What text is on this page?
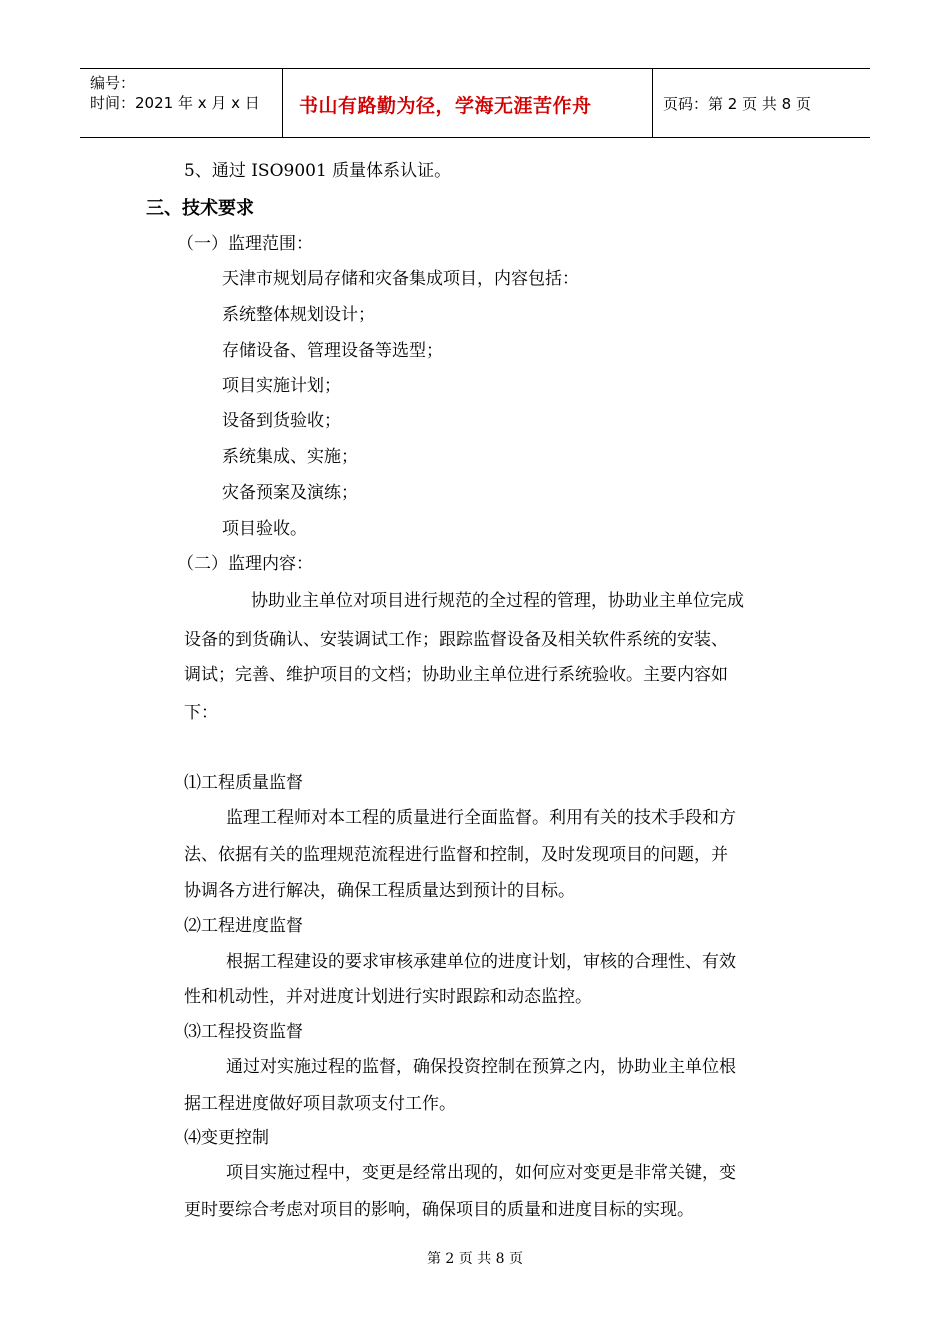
编号：
时间：2021 年 x 月 x 日 书山有路勤为径，学海无涯苦作舟	页码：第 2 页 共 8 页
5、通过 ISO9001 质量体系认证。
三、技术要求
（一）监理范围：
天津市规划局存储和灾备集成项目，内容包括：
系统整体规划设计；
存储设备、管理设备等选型；
项目实施计划；
设备到货验收；
系统集成、实施；
灾备预案及演练；
项目验收。
（二）监理内容：
协助业主单位对项目进行规范的全过程的管理，协助业主单位完成
设备的到货确认、安装调试工作；跟踪监督设备及相关软件系统的安装、
调试；完善、维护项目的文档；协助业主单位进行系统验收。主要内容如
下：
⑴工程质量监督
监理工程师对本工程的质量进行全面监督。利用有关的技术手段和方
法、依据有关的监理规范流程进行监督和控制，及时发现项目的问题，并
协调各方进行解决，确保工程质量达到预计的目标。
⑵工程进度监督
根据工程建设的要求审核承建单位的进度计划，审核的合理性、有效
性和机动性，并对进度计划进行实时跟踪和动态监控。
⑶工程投资监督
通过对实施过程的监督，确保投资控制在预算之内，协助业主单位根
据工程进度做好项目款项支付工作。
⑷变更控制
项目实施过程中，变更是经常出现的，如何应对变更是非常关键，变
更时要综合考虑对项目的影响，确保项目的质量和进度目标的实现。
第 2 页 共 8 页
